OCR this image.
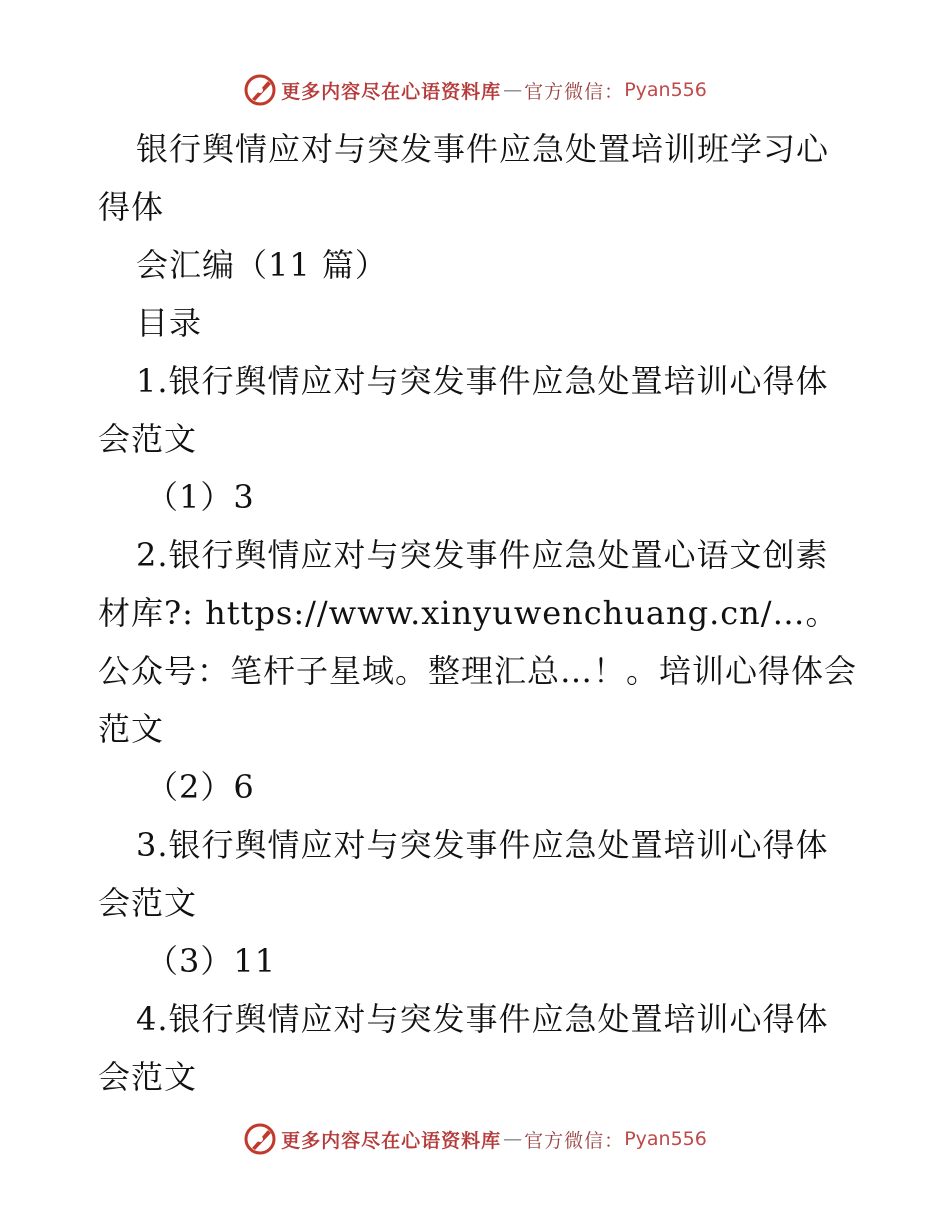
更多内容尽在心语资料库 — 官方微信： Pyan556

银行舆情应对与突发事件应急处置培训班学习心得体

会汇编（11 篇）

目录

1.银行舆情应对与突发事件应急处置培训心得体会范文

（1）3

2.银行舆情应对与突发事件应急处置心语文创素材库?: https://www.xinyuwenchuang.cn/…。公众号：笔杆子星域。整理汇总…！。培训心得体会范文

（2）6

3.银行舆情应对与突发事件应急处置培训心得体会范文

（3）11

4.银行舆情应对与突发事件应急处置培训心得体会范文

更多内容尽在心语资料库 — 官方微信： Pyan556
